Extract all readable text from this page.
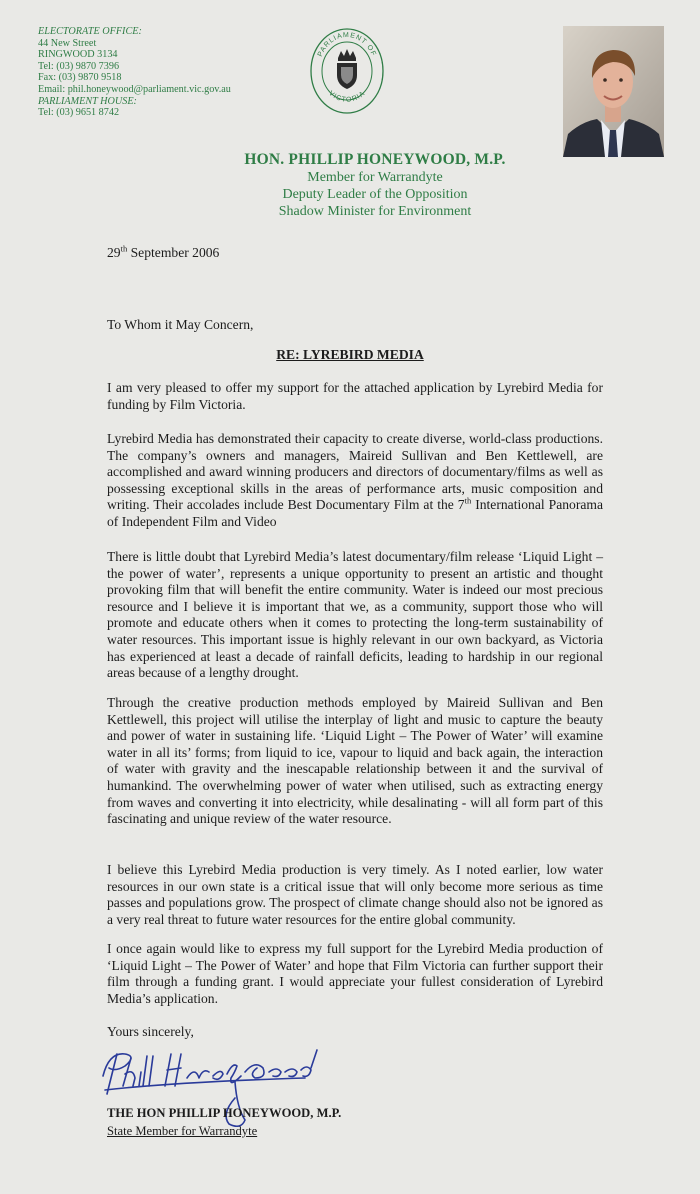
ELECTORATE OFFICE:
44 New Street
RINGWOOD 3134
Tel: (03) 9870 7396
Fax: (03) 9870 9518
Email: phil.honeywood@parliament.vic.gov.au
PARLIAMENT HOUSE:
Tel: (03) 9651 8742
PARLIAMENT OF
VICTORIA
HON. PHILLIP HONEYWOOD, M.P.
Member for Warrandyte
Deputy Leader of the Opposition
Shadow Minister for Environment
29th September 2006
To Whom it May Concern,
RE: LYREBIRD MEDIA
I am very pleased to offer my support for the attached application by Lyrebird Media for funding by Film Victoria.
Lyrebird Media has demonstrated their capacity to create diverse, world-class productions. The company’s owners and managers, Maireid Sullivan and Ben Kettlewell, are accomplished and award winning producers and directors of documentary/films as well as possessing exceptional skills in the areas of performance arts, music composition and writing. Their accolades include Best Documentary Film at the 7th International Panorama of Independent Film and Video
There is little doubt that Lyrebird Media’s latest documentary/film release ‘Liquid Light – the power of water’, represents a unique opportunity to present an artistic and thought provoking film that will benefit the entire community. Water is indeed our most precious resource and I believe it is important that we, as a community, support those who will promote and educate others when it comes to protecting the long-term sustainability of water resources. This important issue is highly relevant in our own backyard, as Victoria has experienced at least a decade of rainfall deficits, leading to hardship in our regional areas because of a lengthy drought.
Through the creative production methods employed by Maireid Sullivan and Ben Kettlewell, this project will utilise the interplay of light and music to capture the beauty and power of water in sustaining life. ‘Liquid Light – The Power of Water’ will examine water in all its’ forms; from liquid to ice, vapour to liquid and back again, the interaction of water with gravity and the inescapable relationship between it and the survival of humankind. The overwhelming power of water when utilised, such as extracting energy from waves and converting it into electricity, while desalinating - will all form part of this fascinating and unique review of the water resource.
I believe this Lyrebird Media production is very timely. As I noted earlier, low water resources in our own state is a critical issue that will only become more serious as time passes and populations grow. The prospect of climate change should also not be ignored as a very real threat to future water resources for the entire global community.
I once again would like to express my full support for the Lyrebird Media production of ‘Liquid Light – The Power of Water’ and hope that Film Victoria can further support their film through a funding grant. I would appreciate your fullest consideration of Lyrebird Media’s application.
Yours sincerely,
THE HON PHILLIP HONEYWOOD, M.P.
State Member for Warrandyte
